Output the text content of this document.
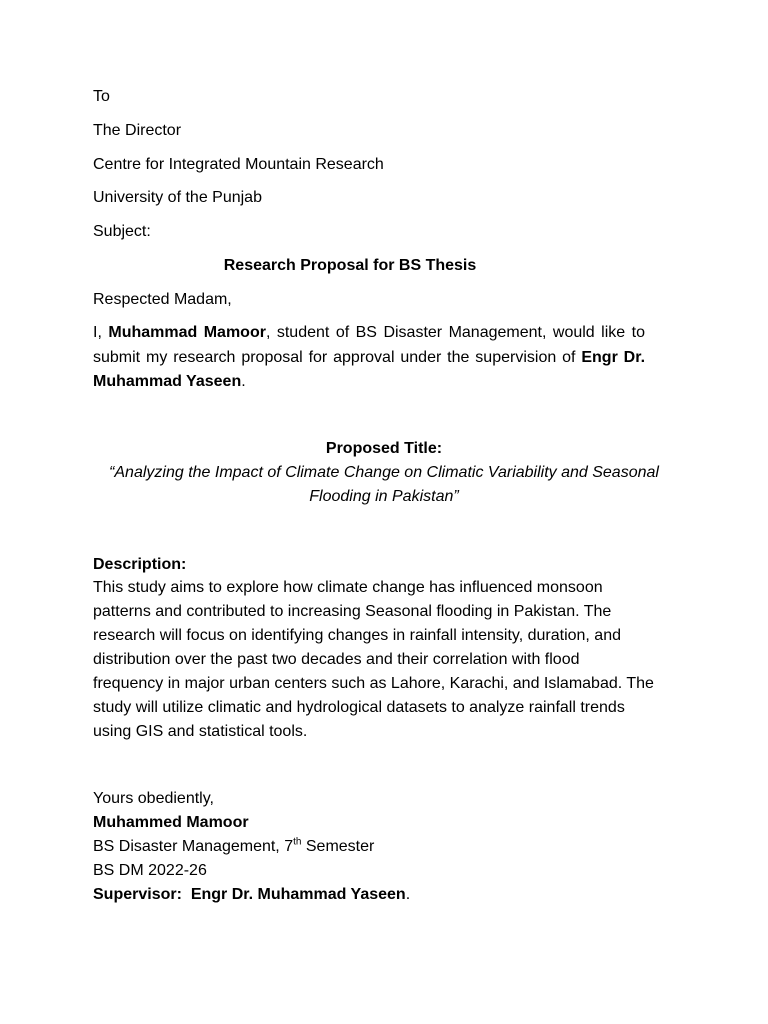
To
The Director
Centre for Integrated Mountain Research
University of the Punjab
Subject:
Research Proposal for BS Thesis
Respected Madam,
I, Muhammad Mamoor, student of BS Disaster Management, would like to submit my research proposal for approval under the supervision of Engr Dr. Muhammad Yaseen.
Proposed Title:
“Analyzing the Impact of Climate Change on Climatic Variability and Seasonal
Flooding in Pakistan”
Description:
This study aims to explore how climate change has influenced monsoon
patterns and contributed to increasing Seasonal flooding in Pakistan. The
research will focus on identifying changes in rainfall intensity, duration, and
distribution over the past two decades and their correlation with flood
frequency in major urban centers such as Lahore, Karachi, and Islamabad. The
study will utilize climatic and hydrological datasets to analyze rainfall trends
using GIS and statistical tools.
Yours obediently,
Muhammed Mamoor
BS Disaster Management, 7th Semester
BS DM 2022-26
Supervisor: Engr Dr. Muhammad Yaseen.
